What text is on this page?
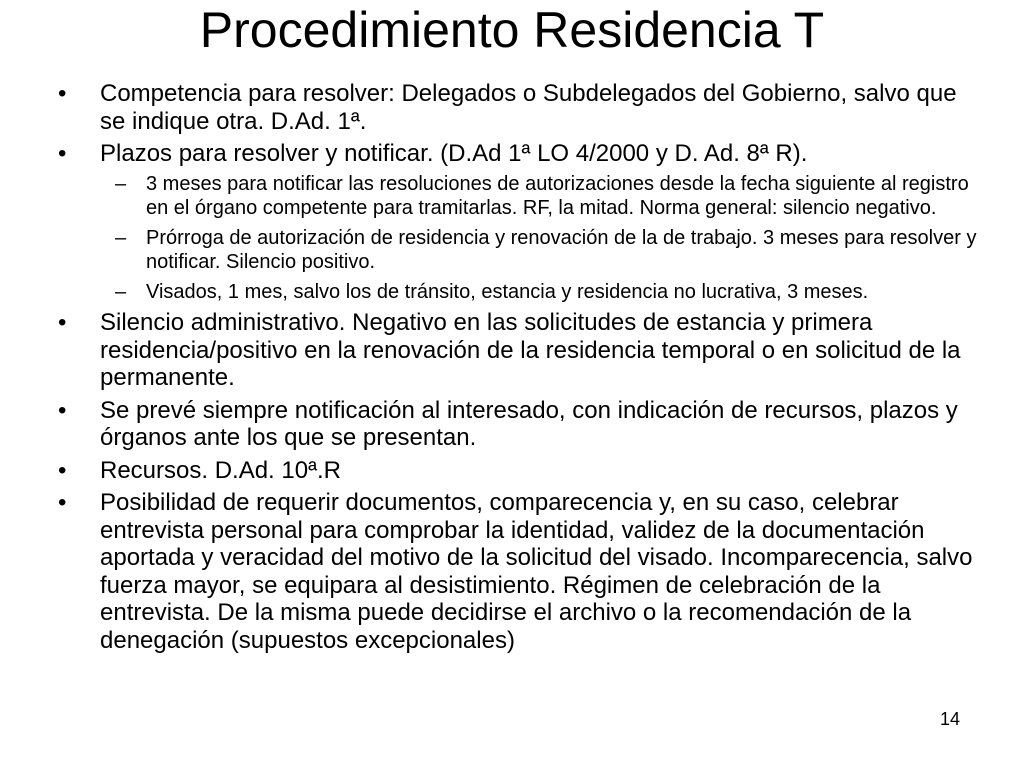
Procedimiento Residencia T
• Competencia para resolver: Delegados o Subdelegados del Gobierno, salvo que se indique otra. D.Ad. 1ª.
• Plazos para resolver y notificar. (D.Ad 1ª LO 4/2000 y D. Ad. 8ª R).
– 3 meses para notificar las resoluciones de autorizaciones desde la fecha siguiente al registro en el órgano competente para tramitarlas. RF, la mitad. Norma general: silencio negativo.
– Prórroga de autorización de residencia y renovación de la de trabajo. 3 meses para resolver y notificar. Silencio positivo.
– Visados, 1 mes, salvo los de tránsito, estancia y residencia no lucrativa, 3 meses.
• Silencio administrativo. Negativo en las solicitudes de estancia y primera residencia/positivo en la renovación de la residencia temporal o en solicitud de la permanente.
• Se prevé siempre notificación al interesado, con indicación de recursos, plazos y órganos ante los que se presentan.
• Recursos. D.Ad. 10ª.R
• Posibilidad de requerir documentos, comparecencia y, en su caso, celebrar entrevista personal para comprobar la identidad, validez de la documentación aportada y veracidad del motivo de la solicitud del visado. Incomparecencia, salvo fuerza mayor, se equipara al desistimiento. Régimen de celebración de la entrevista. De la misma puede decidirse el archivo o la recomendación de la denegación (supuestos excepcionales)
14
